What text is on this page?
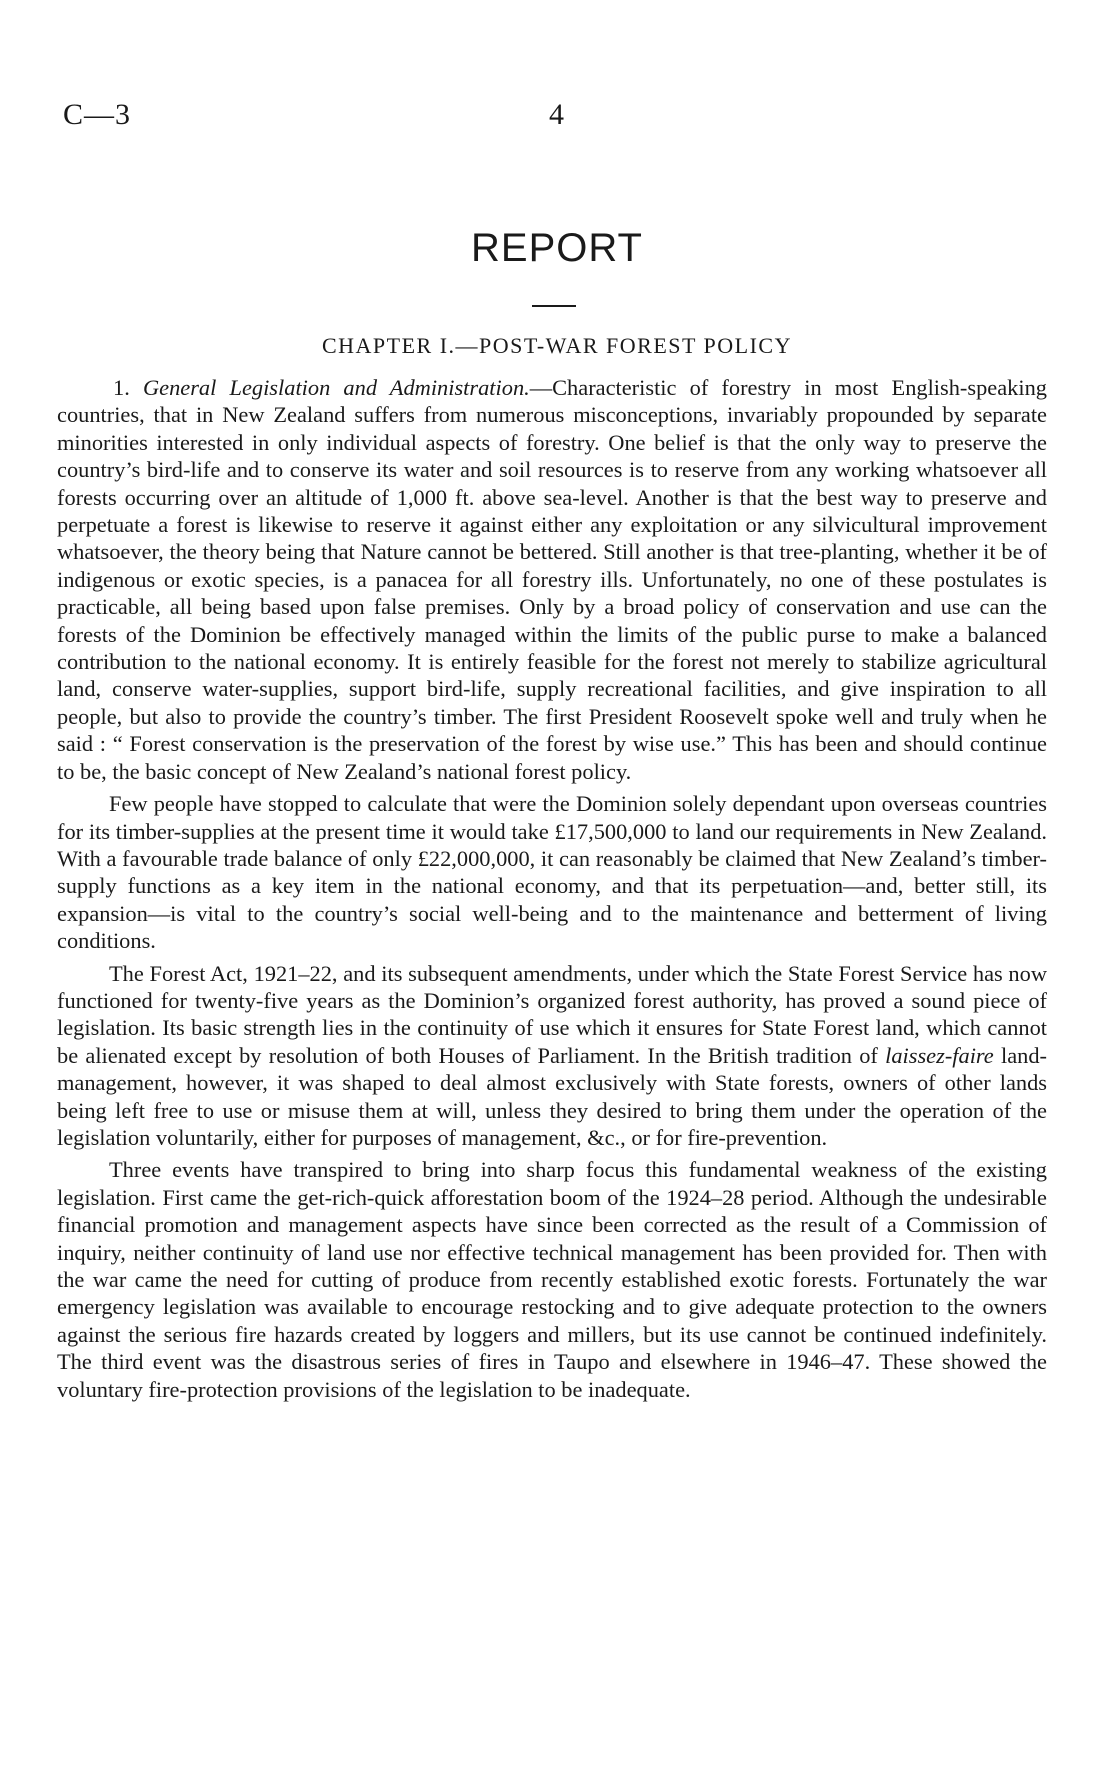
C—3	4
REPORT
CHAPTER I.—POST-WAR FOREST POLICY

1. General Legislation and Administration.—Characteristic of forestry in most English-speaking countries, that in New Zealand suffers from numerous misconceptions, invariably propounded by separate minorities interested in only individual aspects of forestry. One belief is that the only way to preserve the country’s bird-life and to conserve its water and soil resources is to reserve from any working whatsoever all forests occurring over an altitude of 1,000 ft. above sea-level. Another is that the best way to preserve and perpetuate a forest is likewise to reserve it against either any exploitation or any silvicultural improvement whatsoever, the theory being that Nature cannot be bettered. Still another is that tree-planting, whether it be of indigenous or exotic species, is a panacea for all forestry ills. Unfortunately, no one of these postulates is practicable, all being based upon false premises. Only by a broad policy of conservation and use can the forests of the Dominion be effectively managed within the limits of the public purse to make a balanced contribution to the national economy. It is entirely feasible for the forest not merely to stabilize agricultural land, conserve water-supplies, support bird-life, supply recreational facilities, and give inspiration to all people, but also to provide the country’s timber. The first President Roosevelt spoke well and truly when he said : “ Forest conservation is the preservation of the forest by wise use.” This has been and should continue to be, the basic concept of New Zealand’s national forest policy.

Few people have stopped to calculate that were the Dominion solely dependant upon overseas countries for its timber-supplies at the present time it would take £17,500,000 to land our requirements in New Zealand. With a favourable trade balance of only £22,000,000, it can reasonably be claimed that New Zealand’s timber-supply functions as a key item in the national economy, and that its perpetuation—and, better still, its expansion—is vital to the country’s social well-being and to the maintenance and betterment of living conditions.

The Forest Act, 1921–22, and its subsequent amendments, under which the State Forest Service has now functioned for twenty-five years as the Dominion’s organized forest authority, has proved a sound piece of legislation. Its basic strength lies in the continuity of use which it ensures for State Forest land, which cannot be alienated except by resolution of both Houses of Parliament. In the British tradition of laissez-faire land-management, however, it was shaped to deal almost exclusively with State forests, owners of other lands being left free to use or misuse them at will, unless they desired to bring them under the operation of the legislation voluntarily, either for purposes of management, &c., or for fire-prevention.

Three events have transpired to bring into sharp focus this fundamental weakness of the existing legislation. First came the get-rich-quick afforestation boom of the 1924–28 period. Although the undesirable financial promotion and management aspects have since been corrected as the result of a Commission of inquiry, neither continuity of land use nor effective technical management has been provided for. Then with the war came the need for cutting of produce from recently established exotic forests. Fortunately the war emergency legislation was available to encourage restocking and to give adequate protection to the owners against the serious fire hazards created by loggers and millers, but its use cannot be continued indefinitely. The third event was the disastrous series of fires in Taupo and elsewhere in 1946–47. These showed the voluntary fire-protection provisions of the legislation to be inadequate.
